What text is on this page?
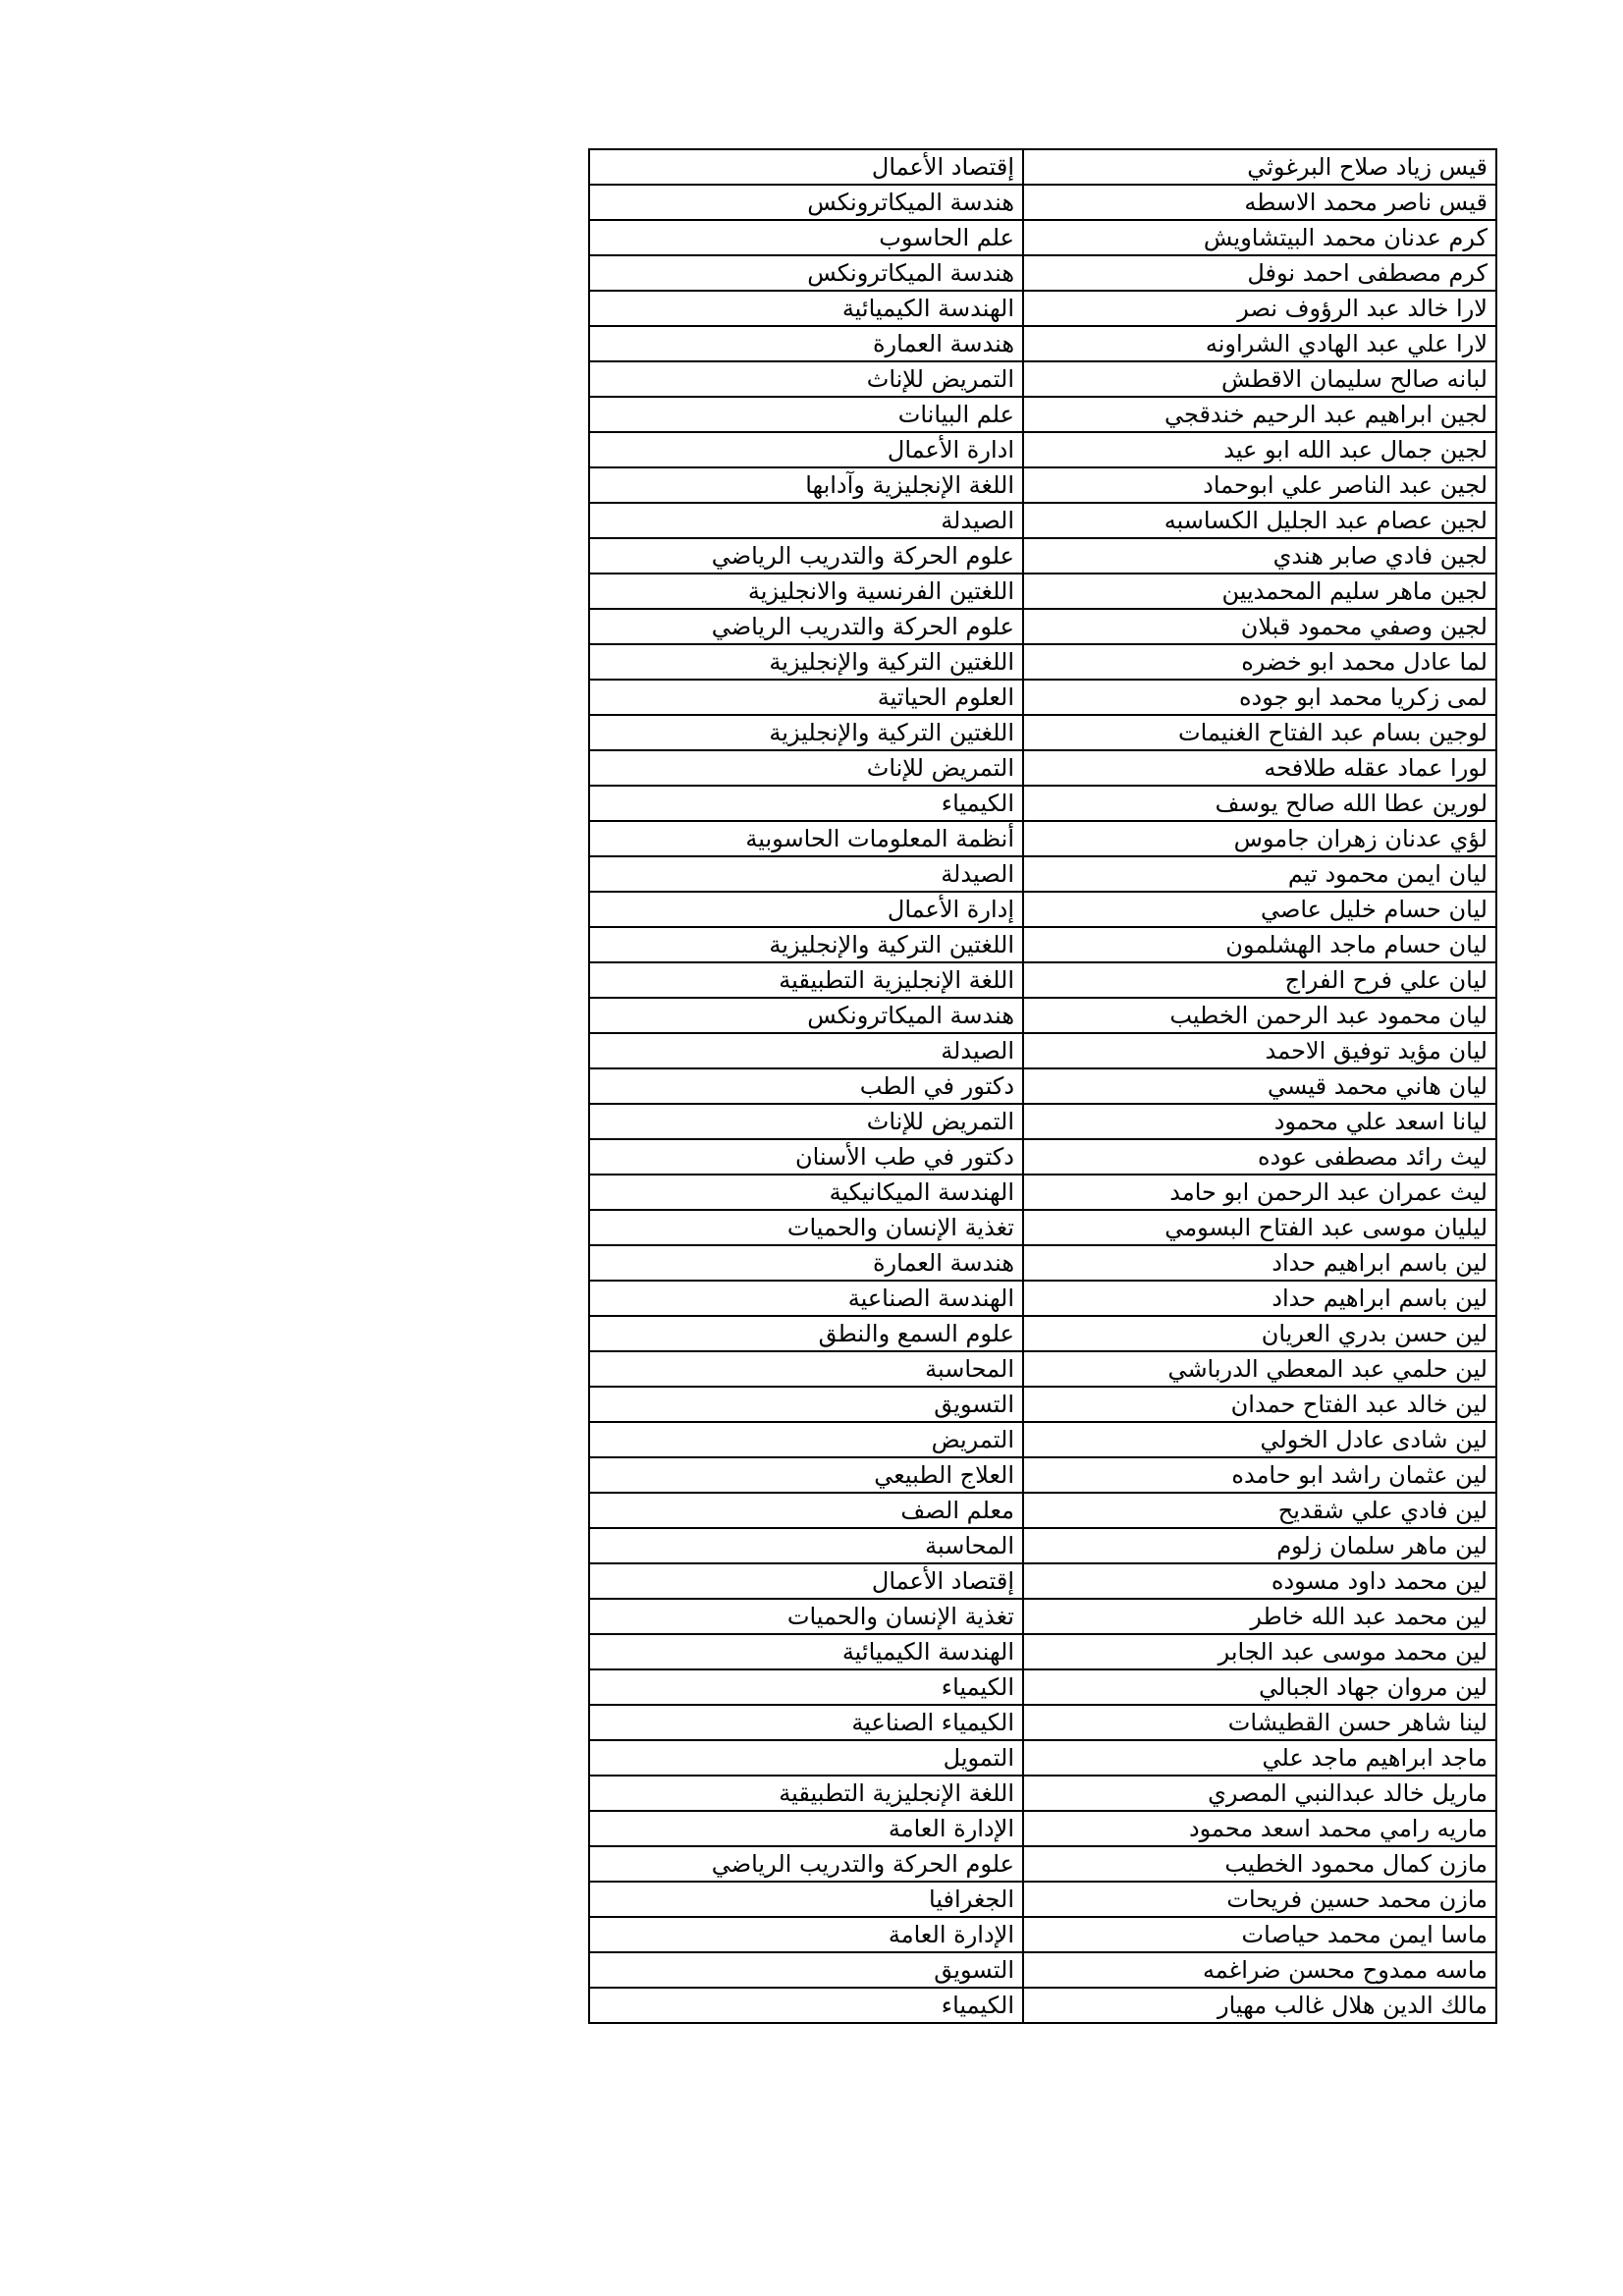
قيس زياد صلاح البرغوثي	إقتصاد الأعمال
قيس ناصر محمد الاسطه	هندسة الميكاترونكس
كرم عدنان محمد البيتشاويش	علم الحاسوب
كرم مصطفى احمد نوفل	هندسة الميكاترونكس
لارا خالد عبد الرؤوف نصر	الهندسة الكيميائية
لارا علي عبد الهادي الشراونه	هندسة العمارة
لبانه صالح سليمان الاقطش	التمريض للإناث
لجين ابراهيم عبد الرحيم خندقجي	علم البيانات
لجين جمال عبد الله ابو عيد	ادارة الأعمال
لجين عبد الناصر علي ابوحماد	اللغة الإنجليزية وآدابها
لجين عصام عبد الجليل الكساسبه	الصيدلة
لجين فادي صابر هندي	علوم الحركة والتدريب الرياضي
لجين ماهر سليم المحمديين	اللغتين الفرنسية والانجليزية
لجين وصفي محمود قبلان	علوم الحركة والتدريب الرياضي
لما عادل محمد ابو خضره	اللغتين التركية والإنجليزية
لمى زكريا محمد ابو جوده	العلوم الحياتية
لوجين بسام عبد الفتاح الغنيمات	اللغتين التركية والإنجليزية
لورا عماد عقله طلافحه	التمريض للإناث
لورين عطا الله صالح يوسف	الكيمياء
لؤي عدنان زهران جاموس	أنظمة المعلومات الحاسوبية
ليان ايمن محمود تيم	الصيدلة
ليان حسام خليل عاصي	إدارة الأعمال
ليان حسام ماجد الهشلمون	اللغتين التركية والإنجليزية
ليان علي فرح الفراج	اللغة الإنجليزية التطبيقية
ليان محمود عبد الرحمن الخطيب	هندسة الميكاترونكس
ليان مؤيد توفيق الاحمد	الصيدلة
ليان هاني محمد قيسي	دكتور في الطب
ليانا اسعد علي محمود	التمريض للإناث
ليث رائد مصطفى عوده	دكتور في طب الأسنان
ليث عمران عبد الرحمن ابو حامد	الهندسة الميكانيكية
ليليان موسى عبد الفتاح البسومي	تغذية الإنسان والحميات
لين باسم ابراهيم حداد	هندسة العمارة
لين باسم ابراهيم حداد	الهندسة الصناعية
لين حسن بدري العريان	علوم السمع والنطق
لين حلمي عبد المعطي الدرباشي	المحاسبة
لين خالد عبد الفتاح حمدان	التسويق
لين شادى عادل الخولي	التمريض
لين عثمان راشد ابو حامده	العلاج الطبيعي
لين فادي علي شقديح	معلم الصف
لين ماهر سلمان زلوم	المحاسبة
لين محمد داود مسوده	إقتصاد الأعمال
لين محمد عبد الله خاطر	تغذية الإنسان والحميات
لين محمد موسى عبد الجابر	الهندسة الكيميائية
لين مروان جهاد الجبالي	الكيمياء
لينا شاهر حسن القطيشات	الكيمياء الصناعية
ماجد ابراهيم ماجد علي	التمويل
ماريل خالد عبدالنبي المصري	اللغة الإنجليزية التطبيقية
ماريه رامي محمد اسعد محمود	الإدارة العامة
مازن كمال محمود الخطيب	علوم الحركة والتدريب الرياضي
مازن محمد حسين فريحات	الجغرافيا
ماسا ايمن محمد حياصات	الإدارة العامة
ماسه ممدوح محسن ضراغمه	التسويق
مالك الدين هلال غالب مهيار	الكيمياء
